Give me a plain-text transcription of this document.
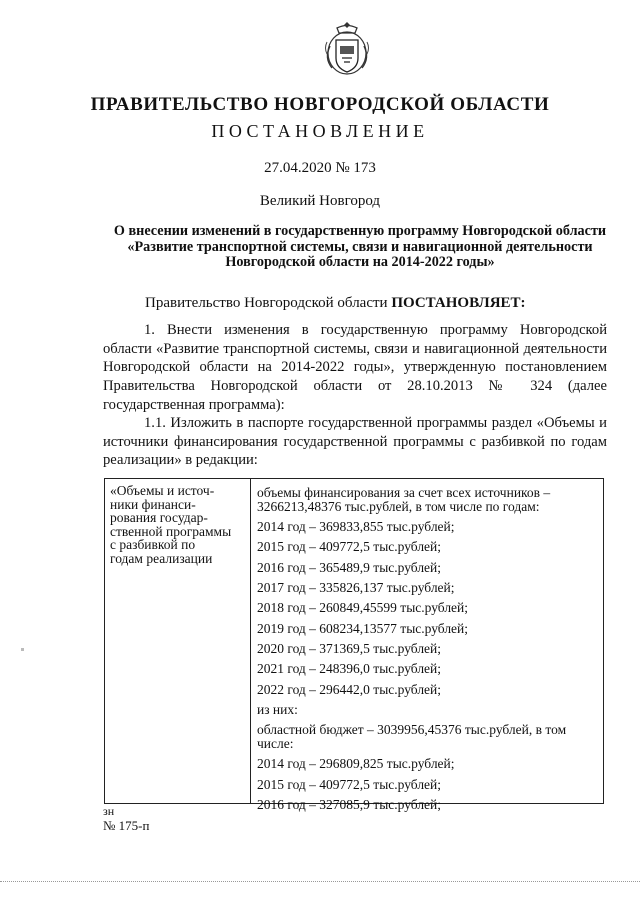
ПРАВИТЕЛЬСТВО НОВГОРОДСКОЙ ОБЛАСТИ
ПОСТАНОВЛЕНИЕ
27.04.2020 № 173
Великий Новгород
О внесении изменений в государственную программу Новгородской области «Развитие транспортной системы, связи и навигационной деятельности Новгородской области на 2014-2022 годы»
Правительство Новгородской области ПОСТАНОВЛЯЕТ:
1. Внести изменения в государственную программу Новгородской области «Развитие транспортной системы, связи и навигационной деятельности Новгородской области на 2014-2022 годы», утвержденную постановлением Правительства Новгородской области от 28.10.2013 № 324 (далее государственная программа):
1.1. Изложить в паспорте государственной программы раздел «Объемы и источники финансирования государственной программы с разбивкой по годам реализации» в редакции:
«Объемы и источ-
ники финанси-
рования государ-
ственной программы
с разбивкой по
годам реализации
объемы финансирования за счет всех источников – 3266213,48376 тыс.рублей, в том числе по годам:
2014 год – 369833,855 тыс.рублей;
2015 год – 409772,5 тыс.рублей;
2016 год – 365489,9 тыс.рублей;
2017 год – 335826,137 тыс.рублей;
2018 год – 260849,45599 тыс.рублей;
2019 год – 608234,13577 тыс.рублей;
2020 год – 371369,5 тыс.рублей;
2021 год – 248396,0 тыс.рублей;
2022 год – 296442,0 тыс.рублей;
из них:
областной бюджет – 3039956,45376 тыс.рублей, в том числе:
2014 год – 296809,825 тыс.рублей;
2015 год – 409772,5 тыс.рублей;
2016 год – 327085,9 тыс.рублей;
зн
№ 175-п
